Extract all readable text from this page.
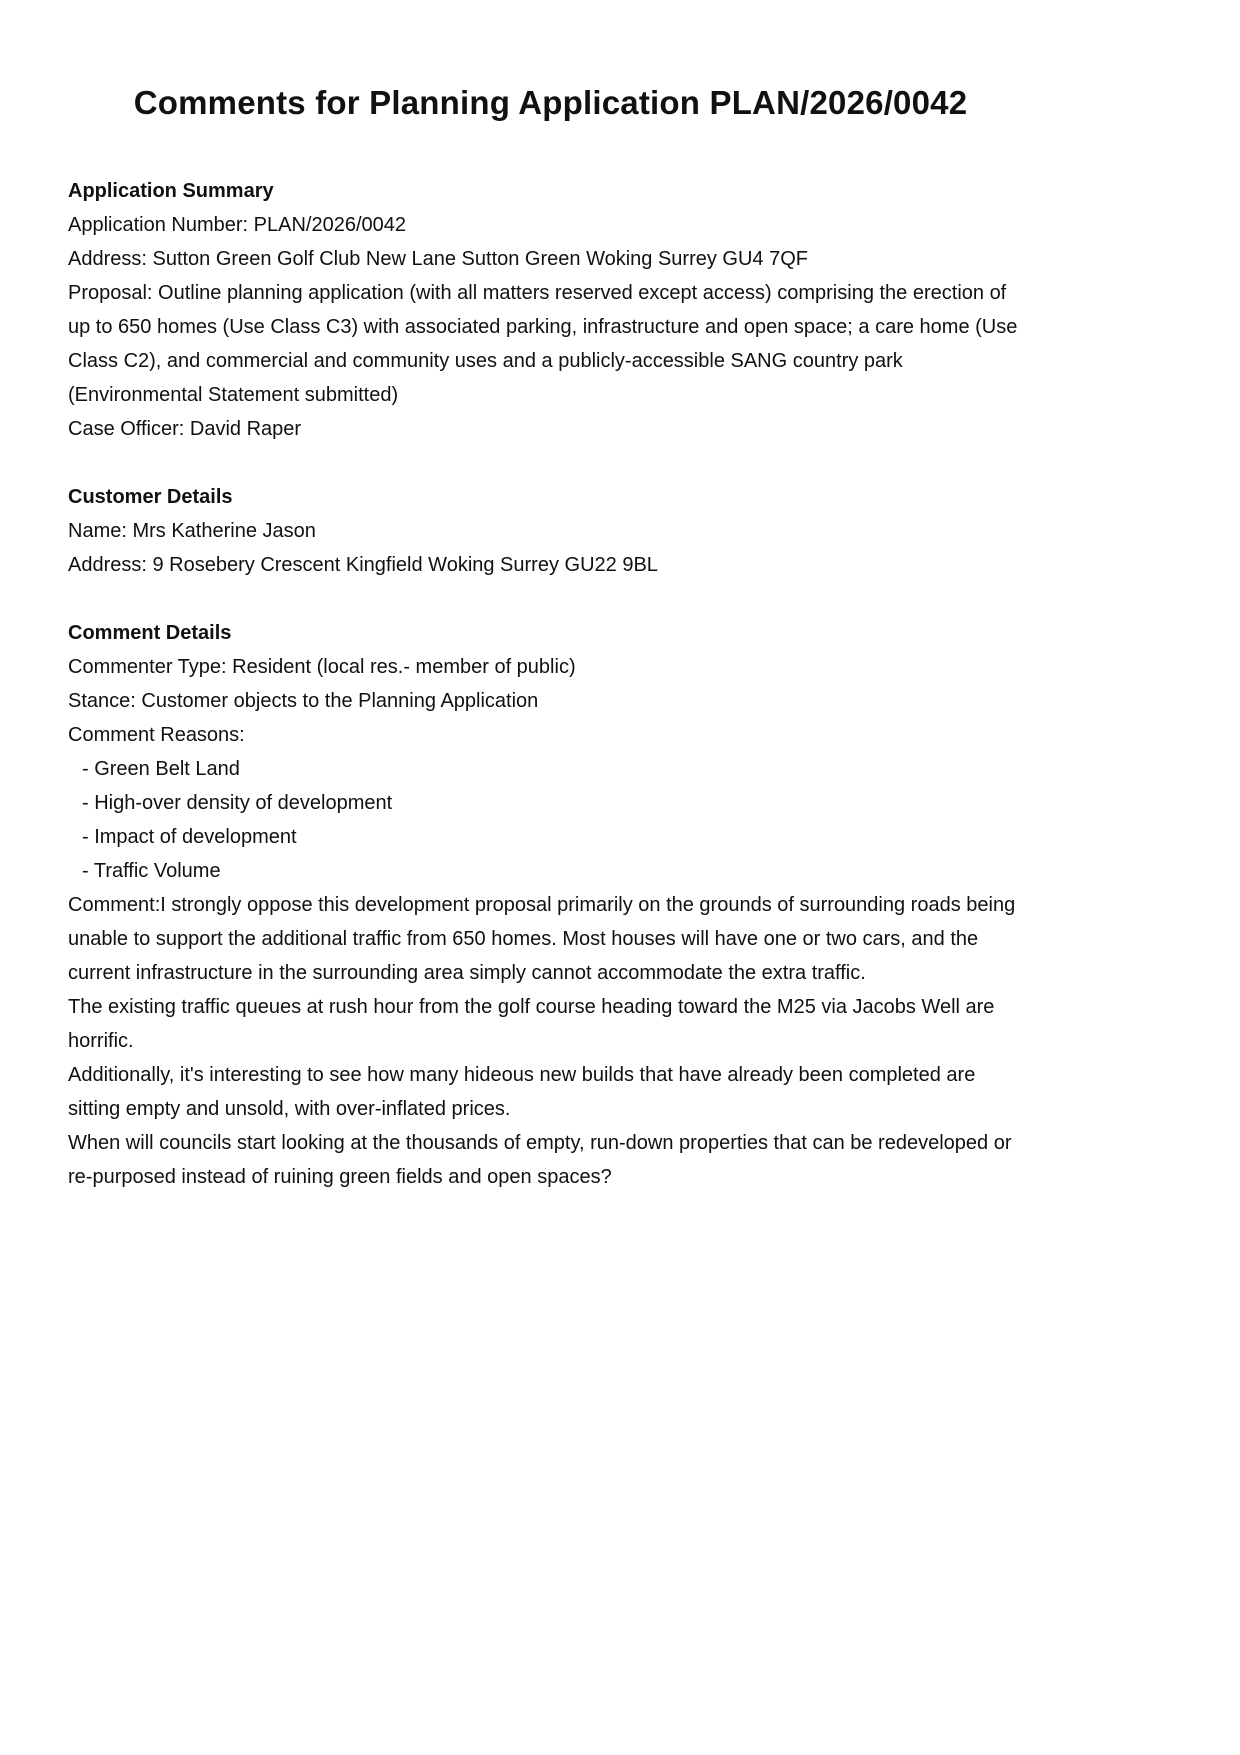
Comments for Planning Application PLAN/2026/0042
Application Summary

Application Number: PLAN/2026/0042

Address: Sutton Green Golf Club New Lane Sutton Green Woking Surrey GU4 7QF

Proposal: Outline planning application (with all matters reserved except access) comprising the erection of up to 650 homes (Use Class C3) with associated parking, infrastructure and open space; a care home (Use Class C2), and commercial and community uses and a publicly-accessible SANG country park (Environmental Statement submitted)

Case Officer: David Raper

Customer Details

Name: Mrs Katherine Jason

Address: 9 Rosebery Crescent Kingfield Woking Surrey GU22 9BL

Comment Details

Commenter Type: Resident (local res.- member of public)

Stance: Customer objects to the Planning Application

Comment Reasons:

- Green Belt Land

- High-over density of development

- Impact of development

- Traffic Volume

Comment:I strongly oppose this development proposal primarily on the grounds of surrounding roads being unable to support the additional traffic from 650 homes. Most houses will have one or two cars, and the current infrastructure in the surrounding area simply cannot accommodate the extra traffic.

The existing traffic queues at rush hour from the golf course heading toward the M25 via Jacobs Well are horrific.

Additionally, it's interesting to see how many hideous new builds that have already been completed are sitting empty and unsold, with over-inflated prices.

When will councils start looking at the thousands of empty, run-down properties that can be redeveloped or re-purposed instead of ruining green fields and open spaces?
